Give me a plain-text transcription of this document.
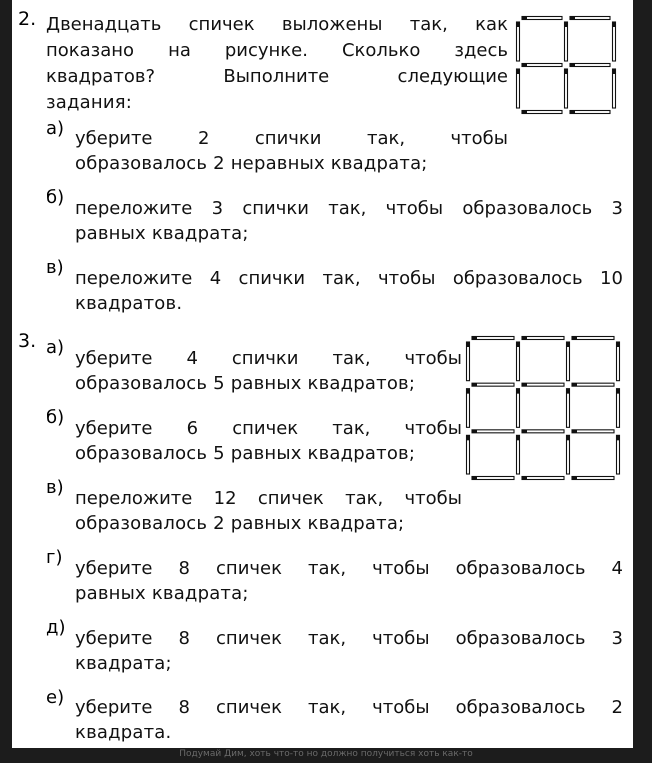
2. Двенадцать спичек выложены так, как
показано на рисунке. Сколько здесь
квадратов?	Выполните	следующие
задания:
а) уберите	2	спички	так,	чтобы
образовалось 2 неравных квадрата;
б)
переложите 3 спички так, чтобы образовалось 3
равных квадрата;
в)
переложите 4 спички так, чтобы образовалось 10
квадратов.
3. а)
уберите 4 спички так, чтобы
образовалось 5 равных квадратов;
б)
уберите 6 спичек так, чтобы
образовалось 5 равных квадратов;
в)
переложите 12 спичек так, чтобы
образовалось 2 равных квадрата;
г)
уберите 8 спичек так, чтобы образовалось 4
равных квадрата;
д)
уберите 8 спичек так, чтобы образовалось 3
квадрата;
е) уберите 8 спичек так, чтобы образовалось 2
квадрата.
Подумай Дим, хоть что-то но должно получиться хоть как-то
